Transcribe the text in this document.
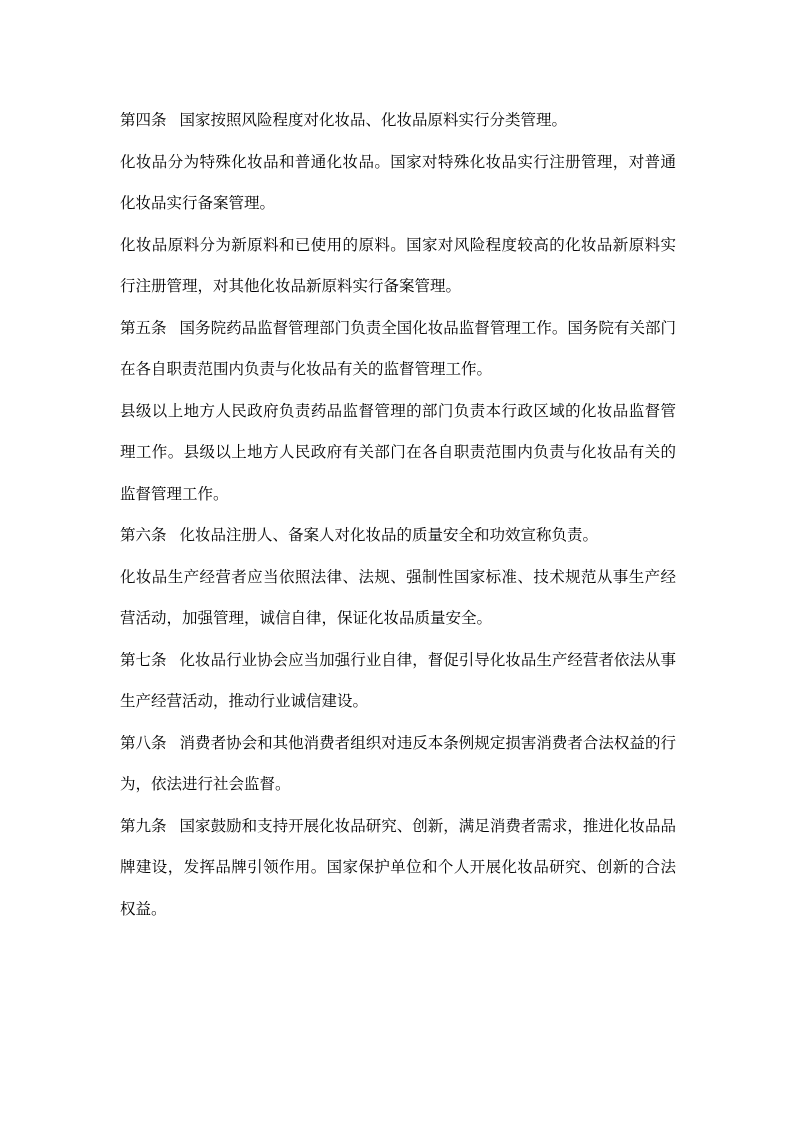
第四条 国家按照风险程度对化妆品、化妆品原料实行分类管理。

化妆品分为特殊化妆品和普通化妆品。国家对特殊化妆品实行注册管理，对普通化妆品实行备案管理。

化妆品原料分为新原料和已使用的原料。国家对风险程度较高的化妆品新原料实行注册管理，对其他化妆品新原料实行备案管理。

第五条 国务院药品监督管理部门负责全国化妆品监督管理工作。国务院有关部门在各自职责范围内负责与化妆品有关的监督管理工作。

县级以上地方人民政府负责药品监督管理的部门负责本行政区域的化妆品监督管理工作。县级以上地方人民政府有关部门在各自职责范围内负责与化妆品有关的监督管理工作。

第六条 化妆品注册人、备案人对化妆品的质量安全和功效宣称负责。

化妆品生产经营者应当依照法律、法规、强制性国家标准、技术规范从事生产经营活动，加强管理，诚信自律，保证化妆品质量安全。

第七条 化妆品行业协会应当加强行业自律，督促引导化妆品生产经营者依法从事生产经营活动，推动行业诚信建设。

第八条 消费者协会和其他消费者组织对违反本条例规定损害消费者合法权益的行为，依法进行社会监督。

第九条 国家鼓励和支持开展化妆品研究、创新，满足消费者需求，推进化妆品品牌建设，发挥品牌引领作用。国家保护单位和个人开展化妆品研究、创新的合法权益。
